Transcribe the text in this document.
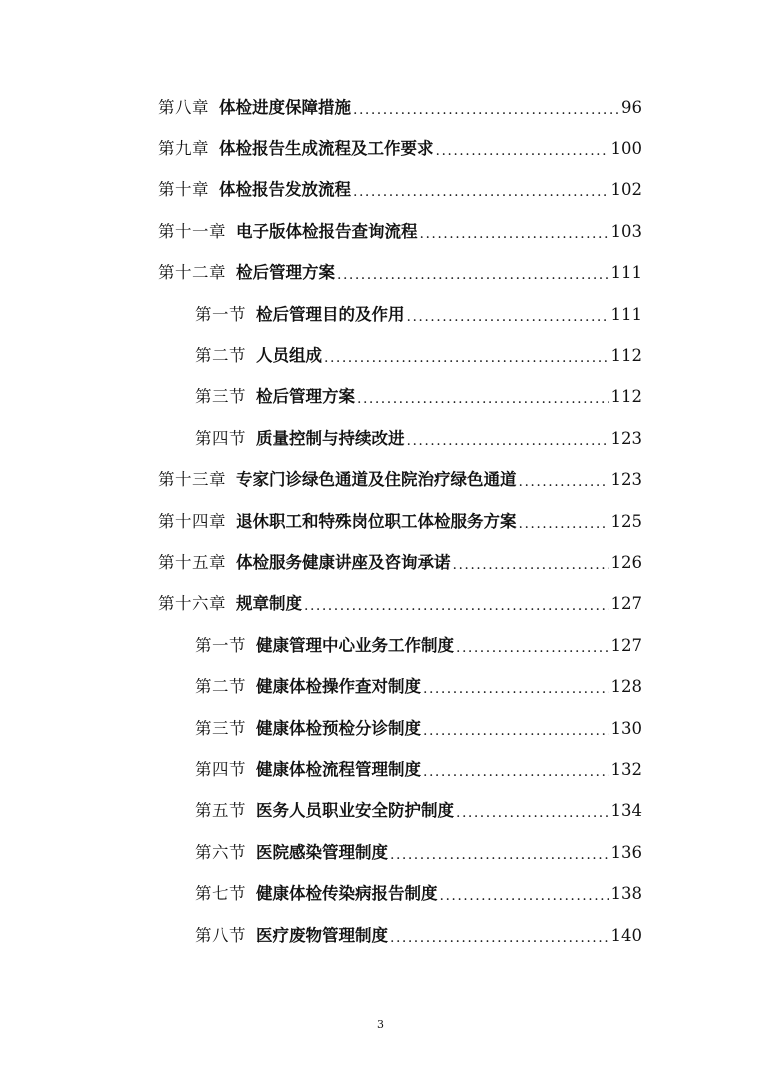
第八章 体检进度保障措施 .....	96
第九章 体检报告生成流程及工作要求 .....	100
第十章 体检报告发放流程 .....	102
第十一章 电子版体检报告查询流程 .....	103
第十二章 检后管理方案 .....	111
第一节 检后管理目的及作用 .....	111
第二节 人员组成 .....	112
第三节 检后管理方案 .....	112
第四节 质量控制与持续改进 .....	123
第十三章 专家门诊绿色通道及住院治疗绿色通道 .....	123
第十四章 退休职工和特殊岗位职工体检服务方案 .....	125
第十五章 体检服务健康讲座及咨询承诺 .....	126
第十六章 规章制度 .....	127
第一节 健康管理中心业务工作制度 .....	127
第二节 健康体检操作查对制度 .....	128
第三节 健康体检预检分诊制度 .....	130
第四节 健康体检流程管理制度 .....	132
第五节 医务人员职业安全防护制度 .....	134
第六节 医院感染管理制度 .....	136
第七节 健康体检传染病报告制度 .....	138
第八节 医疗废物管理制度 .....	140
3
